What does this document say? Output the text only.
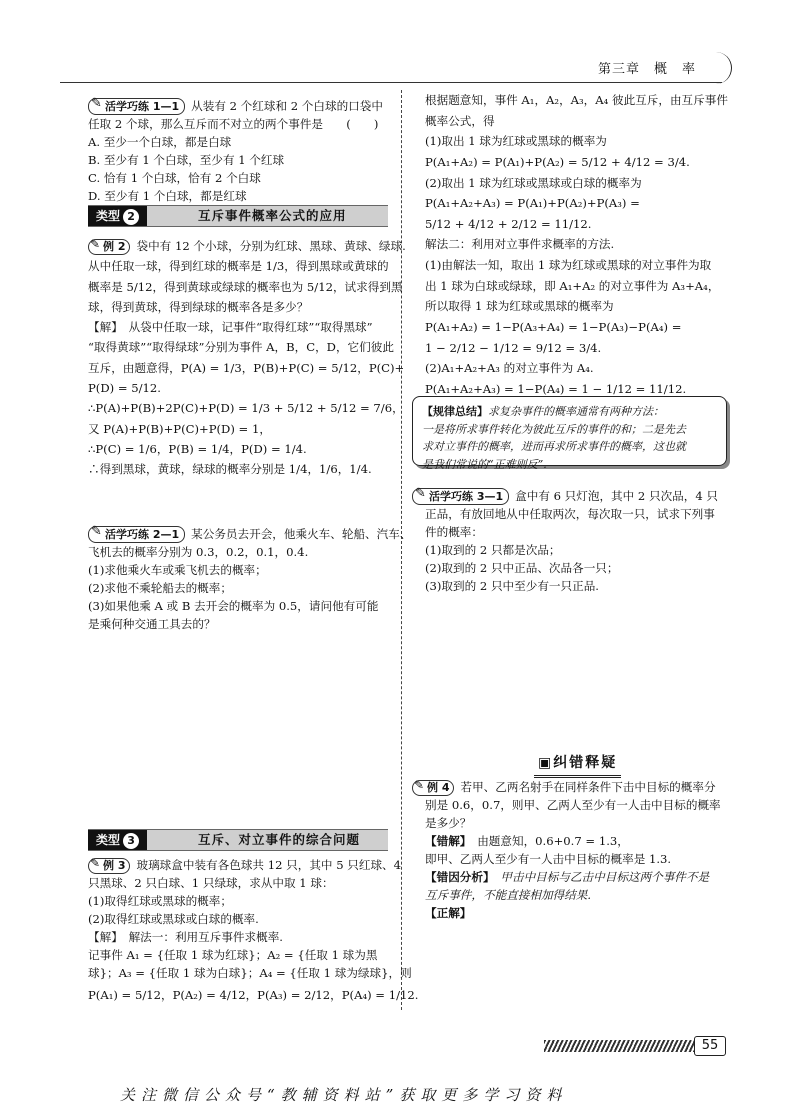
第三章　概　率
✎ 活学巧练 1—1 从装有 2 个红球和 2 个白球的口袋中
任取 2 个球，那么互斥而不对立的两个事件是　　(　　)
A. 至少一个白球，都是白球
B. 至少有 1 个白球，至少有 1 个红球
C. 恰有 1 个白球，恰有 2 个白球
D. 至少有 1 个白球，都是红球
类型 2	互斥事件概率公式的应用
✎ 例 2 袋中有 12 个小球，分别为红球、黑球、黄球、绿球.
从中任取一球，得到红球的概率是 1/3，得到黑球或黄球的
概率是 5/12，得到黄球或绿球的概率也为 5/12，试求得到黑
球，得到黄球，得到绿球的概率各是多少？
【解】　从袋中任取一球，记事件“取得红球”“取得黑球”
“取得黄球”“取得绿球”分别为事件 A，B，C，D，它们彼此
互斥，由题意得，P(A) = 1/3，P(B)+P(C) = 5/12，P(C)+
P(D) = 5/12.
∴P(A)+P(B)+2P(C)+P(D) = 1/3 + 5/12 + 5/12 = 7/6，
又 P(A)+P(B)+P(C)+P(D) = 1，
∴P(C) = 1/6，P(B) = 1/4，P(D) = 1/4.
∴得到黑球，黄球，绿球的概率分别是 1/4，1/6，1/4.
✎ 活学巧练 2—1 某公务员去开会，他乘火车、轮船、汽车、
飞机去的概率分别为 0.3，0.2，0.1，0.4.
(1)求他乘火车或乘飞机去的概率；
(2)求他不乘轮船去的概率；
(3)如果他乘 A 或 B 去开会的概率为 0.5，请问他有可能
是乘何种交通工具去的？
类型 3	互斥、对立事件的综合问题
✎ 例 3 玻璃球盒中装有各色球共 12 只，其中 5 只红球、4
只黑球、2 只白球、1 只绿球，求从中取 1 球：
(1)取得红球或黑球的概率；
(2)取得红球或黑球或白球的概率.
【解】　解法一：利用互斥事件求概率.
记事件 A₁ = {任取 1 球为红球}；A₂ = {任取 1 球为黑
球}；A₃ = {任取 1 球为白球}；A₄ = {任取 1 球为绿球}，则
P(A₁) = 5/12，P(A₂) = 4/12，P(A₃) = 2/12，P(A₄) = 1/12.
根据题意知，事件 A₁，A₂，A₃，A₄ 彼此互斥，由互斥事件
概率公式，得
(1)取出 1 球为红球或黑球的概率为
P(A₁+A₂) = P(A₁)+P(A₂) = 5/12 + 4/12 = 3/4.
(2)取出 1 球为红球或黑球或白球的概率为
P(A₁+A₂+A₃) = P(A₁)+P(A₂)+P(A₃) =
5/12 + 4/12 + 2/12 = 11/12.
解法二：利用对立事件求概率的方法.
(1)由解法一知，取出 1 球为红球或黑球的对立事件为取
出 1 球为白球或绿球，即 A₁+A₂ 的对立事件为 A₃+A₄，
所以取得 1 球为红球或黑球的概率为
P(A₁+A₂) = 1−P(A₃+A₄) = 1−P(A₃)−P(A₄) =
1 − 2/12 − 1/12 = 9/12 = 3/4.
(2)A₁+A₂+A₃ 的对立事件为 A₄.
P(A₁+A₂+A₃) = 1−P(A₄) = 1 − 1/12 = 11/12.
【规律总结】求复杂事件的概率通常有两种方法：
一是将所求事件转化为彼此互斥的事件的和；二是先去
求对立事件的概率，进而再求所求事件的概率，这也就
是我们常说的“正难则反”.
✎ 活学巧练 3—1 盒中有 6 只灯泡，其中 2 只次品，4 只
正品，有放回地从中任取两次，每次取一只，试求下列事
件的概率：
(1)取到的 2 只都是次品；
(2)取到的 2 只中正品、次品各一只；
(3)取到的 2 只中至少有一只正品.
▣纠错释疑
✎ 例 4 若甲、乙两名射手在同样条件下击中目标的概率分
别是 0.6，0.7，则甲、乙两人至少有一人击中目标的概率
是多少？
【错解】　 由题意知，0.6+0.7 = 1.3，
即甲、乙两人至少有一人击中目标的概率是 1.3.
【错因分析】　 甲击中目标与乙击中目标这两个事件不是
互斥事件，不能直接相加得结果.
【正解】
55
关注微信公众号“教辅资料站”获取更多学习资料
